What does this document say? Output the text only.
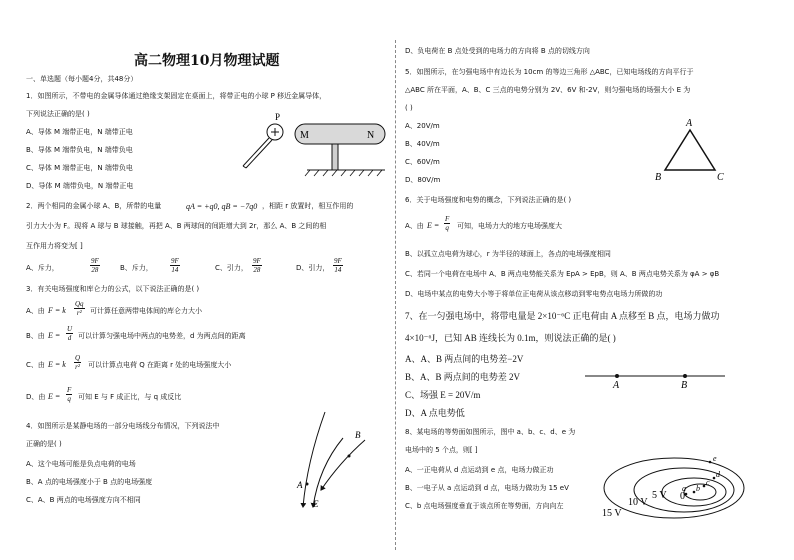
高二物理10月物理试题
一、单选题（每小题4分，共48分）
1．如图所示，不带电的金属导体通过绝缘支架固定在桌面上，将带正电的小球 P 移近金属导体，
下列说法正确的是( )
A、导体 M 端带正电，N 端带正电
B、导体 M 端带负电，N 端带负电
C、导体 M 端带正电，N 端带负电
D、导体 M 端带负电，N 端带正电
P
M	N
2．两个相同的金属小球 A、B，所带的电量	qA = +q0, qB = −7q0 ，相距 r 放置时，相互作用的
引力大小为 F。现将 A 球与 B 球接触，再把 A、B 两球间的间距增大到 2r，那么 A、B 之间的相
互作用力将变为[ ]
A、斥力，	$\frac{9F}{28}$	B、斥力， $\frac{9F}{14}$	C、引力， $\frac{9F}{28}$	D、引力， $\frac{9F}{14}$
3．有关电场强度和库仑力的公式，以下说法正确的是( )
A、由 F = k $\frac{Qq}{\text{r²}}$ 可计算任意两带电体间的库仑力大小
B、由 $E = \frac{U}{d}$ 可以计算匀强电场中两点的电势差，d 为两点间的距离
C、由 E = k $\frac{Q}{\text{r²}}$ 可以计算点电荷 Q 在距离 r 处的电场强度大小
D、由 $E = \frac{F}{q}$ 可知 E 与 F 成正比，与 q 成反比
4．如图所示是某静电场的一部分电场线分布情况，下列说法中
正确的是( )
A、这个电场可能是负点电荷的电场
B、A 点的电场强度小于 B 点的电场强度
C、A、B 两点的电场强度方向不相同
A
B
E
D、负电荷在 B 点处受到的电场力的方向将 B 点的切线方向
5．如图所示，在匀强电场中有边长为 10cm 的等边三角形 △ABC，已知电场线的方向平行于
△ABC 所在平面，A、B、C 三点的电势分别为 2V、6V 和-2V，则匀强电场的场强大小 E 为
( )
A、20V/m
B、40V/m
C、60V/m
D、80V/m
A
B	C
6．关于电场强度和电势的概念，下列说法正确的是( )
A、由 $E = \frac{F}{q}$ 可知，电场力大的地方电场强度大
B、以孤立点电荷为球心，r 为半径的球面上，各点的电场强度相同
C、若同一个电荷在电场中 A、B 两点电势能关系为 EpA > EpB，则 A、B 两点电势关系为 φA > φB
D、电场中某点的电势大小等于将单位正电荷从该点移动到零电势点电场力所做的功
7、在一匀强电场中，将带电量是 2×10⁻⁶C 正电荷由 A 点移至 B 点，电场力做功
4×10⁻⁶J，已知 AB 连线长为 0.1m，则说法正确的是( )
A、A、B 两点间的电势差−2V
B、A、B 两点间的电势差 2V
C、场强 E = 20V/m
D、A 点电势低
A	B
8、某电场的等势面如图所示，图中 a、b、c、d、e 为
电场中的 5 个点，则[ ]
A、一正电荷从 d 点运动到 e 点，电场力做正功
B、一电子从 a 点运动到 d 点，电场力做功为 15 eV
C、b 点电场强度垂直于该点所在等势面，方向向左
e
d
c
b
a
15 V
10 V
5 V 0
